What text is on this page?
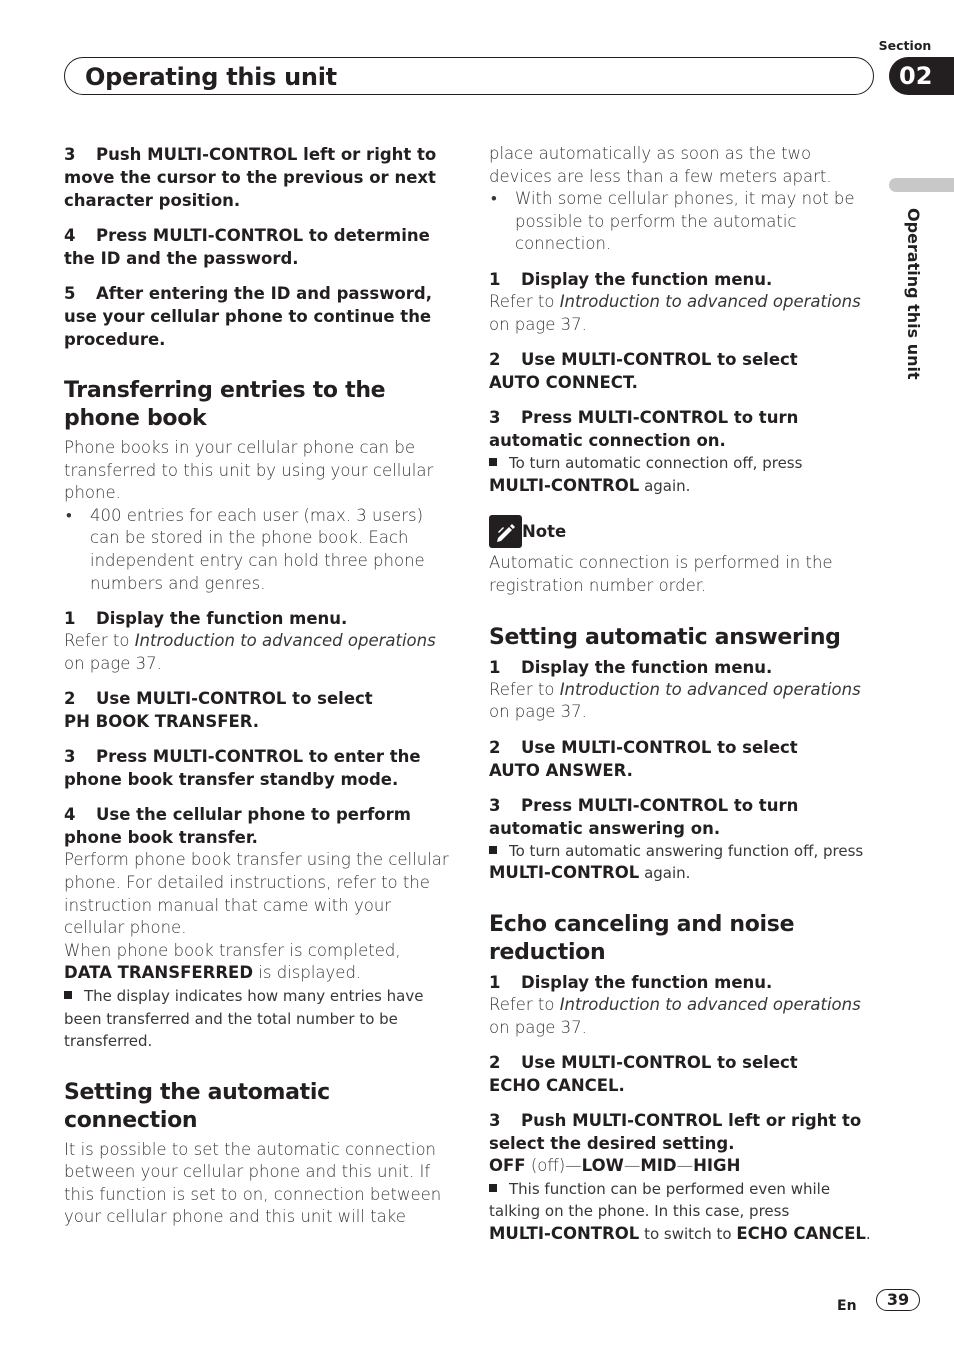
Section
Operating this unit	02
Operating this unit
3 Push MULTI-CONTROL left or right to move the cursor to the previous or next character position.
4 Press MULTI-CONTROL to determine the ID and the password.
5 After entering the ID and password, use your cellular phone to continue the procedure.
Transferring entries to the phone book

Phone books in your cellular phone can be transferred to this unit by using your cellular phone.

• 400 entries for each user (max. 3 users) can be stored in the phone book. Each independent entry can hold three phone numbers and genres.
1 Display the function menu.

Refer to Introduction to advanced operations on page 37.

2 Use MULTI-CONTROL to select
PH BOOK TRANSFER.
3 Press MULTI-CONTROL to enter the phone book transfer standby mode.
4 Use the cellular phone to perform phone book transfer.

Perform phone book transfer using the cellular phone. For detailed instructions, refer to the instruction manual that came with your cellular phone.

When phone book transfer is completed,
DATA TRANSFERRED is displayed.

The display indicates how many entries have been transferred and the total number to be transferred.

Setting the automatic connection

It is possible to set the automatic connection between your cellular phone and this unit. If this function is set to on, connection between your cellular phone and this unit will take

place automatically as soon as the two devices are less than a few meters apart.

• With some cellular phones, it may not be possible to perform the automatic connection.
1 Display the function menu.

Refer to Introduction to advanced operations on page 37.

2 Use MULTI-CONTROL to select
AUTO CONNECT.
3 Press MULTI-CONTROL to turn automatic connection on.

To turn automatic connection off, press
MULTI-CONTROL again.

Note

Automatic connection is performed in the registration number order.

Setting automatic answering
1 Display the function menu.

Refer to Introduction to advanced operations on page 37.

2 Use MULTI-CONTROL to select
AUTO ANSWER.
3 Press MULTI-CONTROL to turn automatic answering on.

To turn automatic answering function off, press MULTI-CONTROL again.

Echo canceling and noise reduction
1 Display the function menu.

Refer to Introduction to advanced operations on page 37.

2 Use MULTI-CONTROL to select
ECHO CANCEL.
3 Push MULTI-CONTROL left or right to select the desired setting.

OFF (off)—LOW—MID—HIGH

This function can be performed even while talking on the phone. In this case, press
MULTI-CONTROL to switch to ECHO CANCEL.

En	39
